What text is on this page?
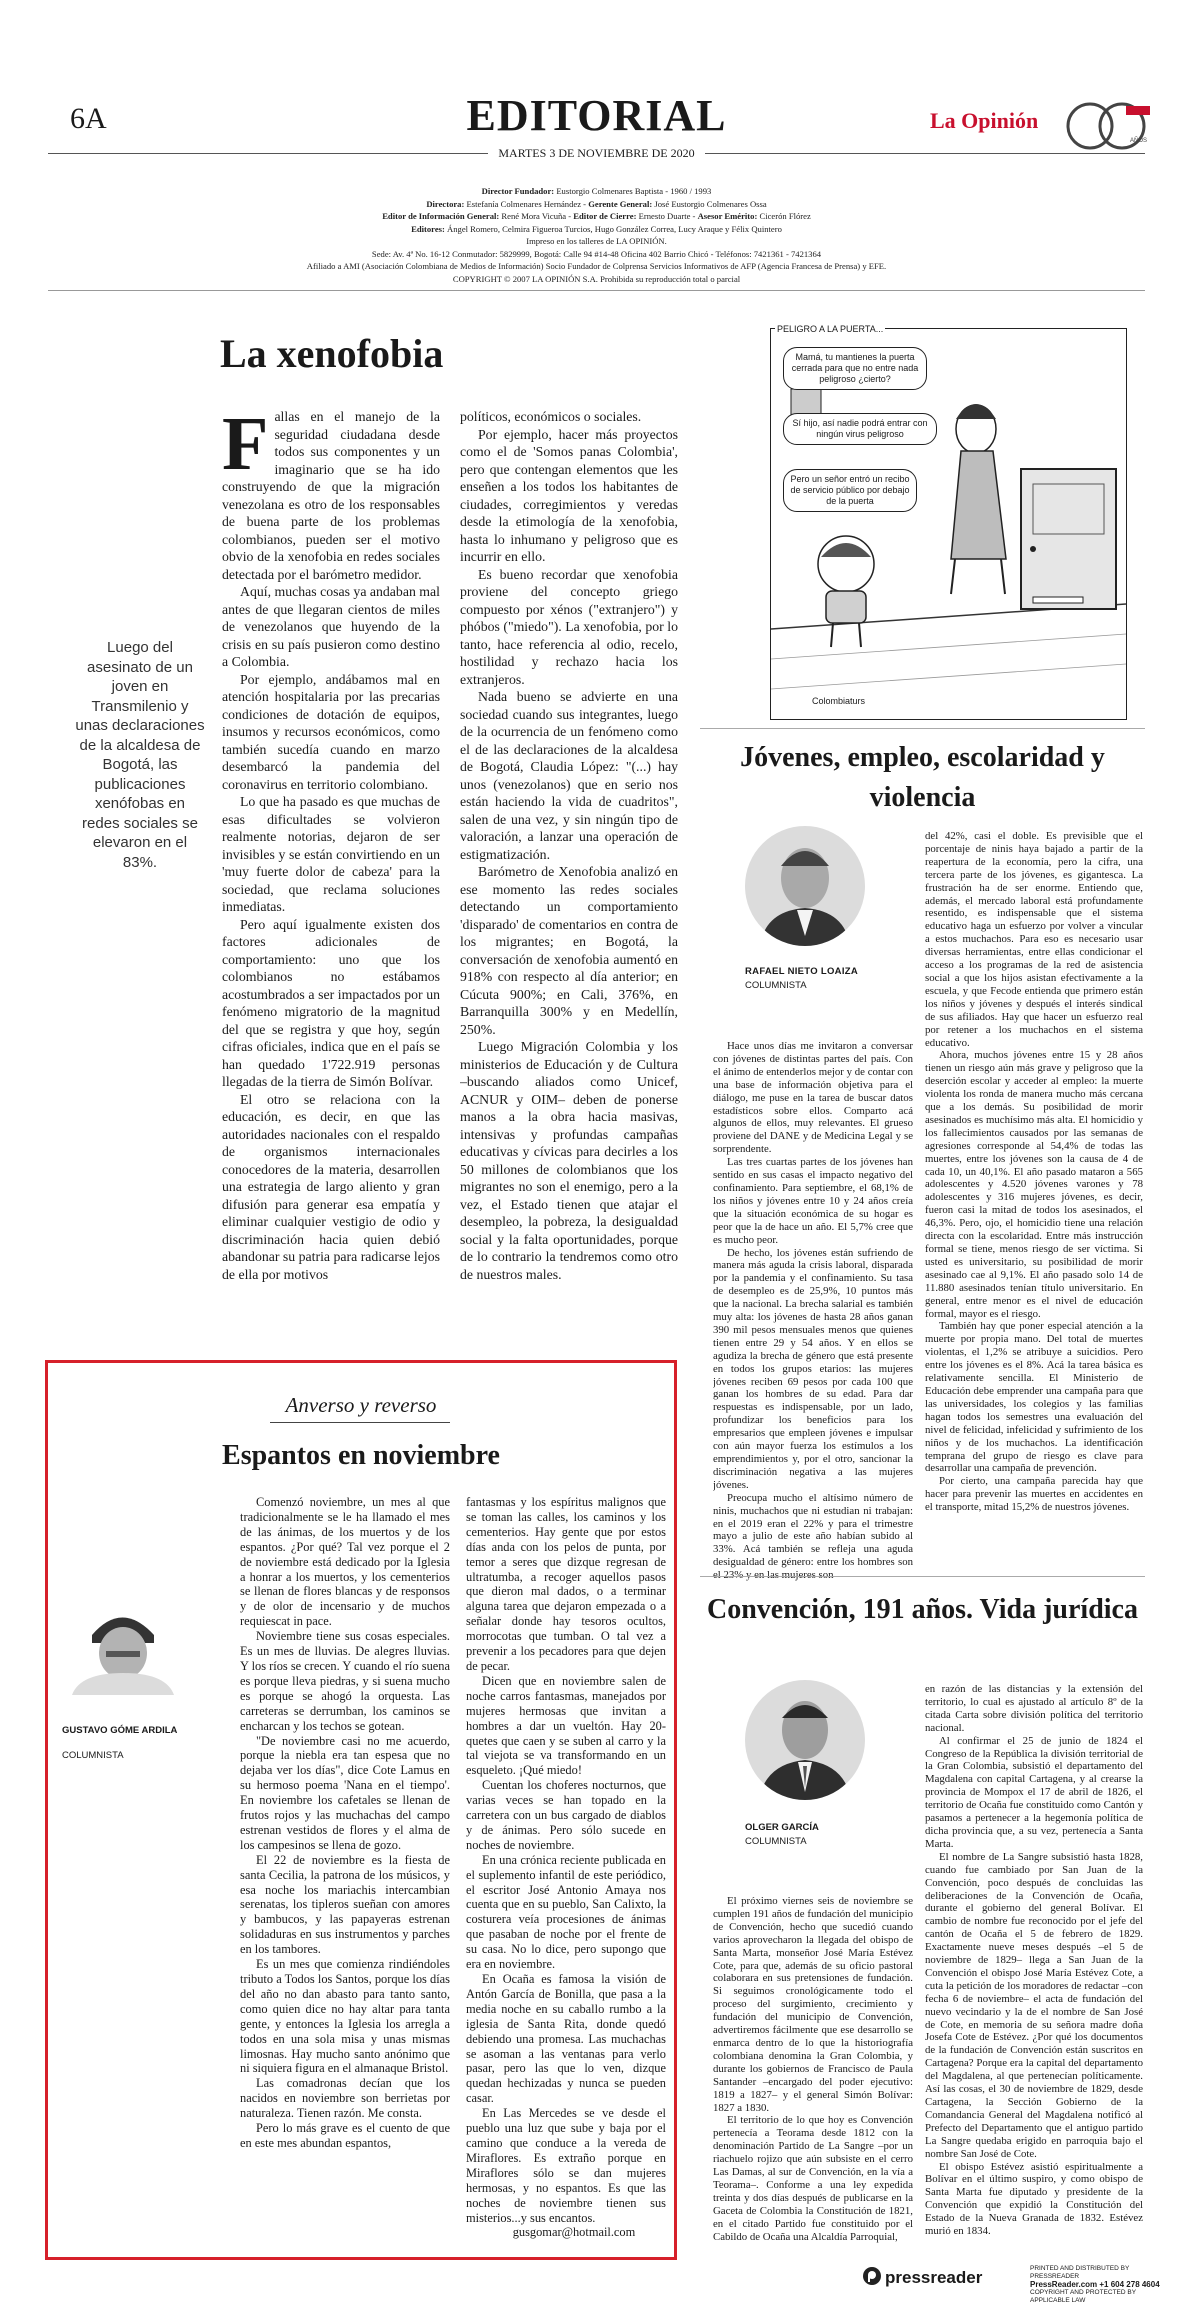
6A	EDITORIAL
MARTES 3 DE NOVIEMBRE DE 2020
AÑOS
La Opinión
Director Fundador: Eustorgio Colmenares Baptista - 1960 / 1993
Directora: Estefanía Colmenares Hernández - Gerente General: José Eustorgio Colmenares Ossa
Editor de Información General: René Mora Vicuña - Editor de Cierre: Ernesto Duarte - Asesor Emérito: Cicerón Flórez
Editores: Ángel Romero, Celmira Figueroa Turcios, Hugo González Correa, Lucy Araque y Félix Quintero
Impreso en los talleres de LA OPINIÓN.
Sede: Av. 4ª No. 16-12 Conmutador: 5829999, Bogotá: Calle 94 #14-48 Oficina 402 Barrio Chicó - Teléfonos: 7421361 - 7421364
Afiliado a AMI (Asociación Colombiana de Medios de Información) Socio Fundador de Colprensa Servicios Informativos de AFP (Agencia Francesa de Prensa) y EFE.
COPYRIGHT © 2007 LA OPINIÓN S.A. Prohibida su reproducción total o parcial
La xenofobia
Luego del asesinato de un joven en Transmilenio y unas declaraciones de la alcaldesa de Bogotá, las publicaciones xenófobas en redes sociales se elevaron en el 83%.

Fallas en el manejo de la seguridad ciudadana desde todos sus componentes y un imaginario que se ha ido construyendo de que la migración venezolana es otro de los responsables de buena parte de los problemas colombianos, pueden ser el motivo obvio de la xenofobia en redes sociales detectada por el barómetro medidor.

Aquí, muchas cosas ya andaban mal antes de que llegaran cientos de miles de venezolanos que huyendo de la crisis en su país pusieron como destino a Colombia.

Por ejemplo, andábamos mal en atención hospitalaria por las precarias condiciones de dotación de equipos, insumos y recursos económicos, como también sucedía cuando en marzo desembarcó la pandemia del coronavirus en territorio colombiano.

Lo que ha pasado es que muchas de esas dificultades se volvieron realmente notorias, dejaron de ser invisibles y se están convirtiendo en un 'muy fuerte dolor de cabeza' para la sociedad, que reclama soluciones inmediatas.

Pero aquí igualmente existen dos factores adicionales de comportamiento: uno que los colombianos no estábamos acostumbrados a ser impactados por un fenómeno migratorio de la magnitud del que se registra y que hoy, según cifras oficiales, indica que en el país se han quedado 1'722.919 personas llegadas de la tierra de Simón Bolívar.

El otro se relaciona con la educación, es decir, en que las autoridades nacionales con el respaldo de organismos internacionales conocedores de la materia, desarrollen una estrategia de largo aliento y gran difusión para generar esa empatía y eliminar cualquier vestigio de odio y discriminación hacia quien debió abandonar su patria para radicarse lejos de ella por motivos

políticos, económicos o sociales.

Por ejemplo, hacer más proyectos como el de 'Somos panas Colombia', pero que contengan elementos que les enseñen a los todos los habitantes de ciudades, corregimientos y veredas desde la etimología de la xenofobia, hasta lo inhumano y peligroso que es incurrir en ello.

Es bueno recordar que xenofobia proviene del concepto griego compuesto por xénos ("extranjero") y phóbos ("miedo"). La xenofobia, por lo tanto, hace referencia al odio, recelo, hostilidad y rechazo hacia los extranjeros.

Nada bueno se advierte en una sociedad cuando sus integrantes, luego de la ocurrencia de un fenómeno como el de las declaraciones de la alcaldesa de Bogotá, Claudia López: "(...) hay unos (venezolanos) que en serio nos están haciendo la vida de cuadritos", salen de una vez, y sin ningún tipo de valoración, a lanzar una operación de estigmatización.

Barómetro de Xenofobia analizó en ese momento las redes sociales detectando un comportamiento 'disparado' de comentarios en contra de los migrantes; en Bogotá, la conversación de xenofobia aumentó en 918% con respecto al día anterior; en Cúcuta 900%; en Cali, 376%, en Barranquilla 300% y en Medellín, 250%.

Luego Migración Colombia y los ministerios de Educación y de Cultura –buscando aliados como Unicef, ACNUR y OIM– deben de ponerse manos a la obra hacia masivas, intensivas y profundas campañas educativas y cívicas para decirles a los 50 millones de colombianos que los migrantes no son el enemigo, pero a la vez, el Estado tienen que atajar el desempleo, la pobreza, la desigualdad social y la falta oportunidades, porque de lo contrario la tendremos como otro de nuestros males.

Mamá, tu mantienes la puerta cerrada para que no entre nada peligroso ¿cierto?
Sí hijo, así nadie podrá entrar con ningún virus peligroso
Pero un señor entró un recibo de servicio público por debajo de la puerta
PELIGRO A LA PUERTA...
Colombiaturs
Jóvenes, empleo, escolaridad y violencia
RAFAEL NIETO LOAIZA
COLUMNISTA

Hace unos días me invitaron a conversar con jóvenes de distintas partes del país. Con el ánimo de entenderlos mejor y de contar con una base de información objetiva para el diálogo, me puse en la tarea de buscar datos estadísticos sobre ellos. Comparto acá algunos de ellos, muy relevantes. El grueso proviene del DANE y de Medicina Legal y se sorprendente.

Las tres cuartas partes de los jóvenes han sentido en sus casas el impacto negativo del confinamiento. Para septiembre, el 68,1% de los niños y jóvenes entre 10 y 24 años creía que la situación económica de su hogar es peor que la de hace un año. El 5,7% cree que es mucho peor.

De hecho, los jóvenes están sufriendo de manera más aguda la crisis laboral, disparada por la pandemia y el confinamiento. Su tasa de desempleo es de 25,9%, 10 puntos más que la nacional. La brecha salarial es también muy alta: los jóvenes de hasta 28 años ganan 390 mil pesos mensuales menos que quienes tienen entre 29 y 54 años. Y en ellos se agudiza la brecha de género que está presente en todos los grupos etarios: las mujeres jóvenes reciben 69 pesos por cada 100 que ganan los hombres de su edad. Para dar respuestas es indispensable, por un lado, profundizar los beneficios para los empresarios que empleen jóvenes e impulsar con aún mayor fuerza los estímulos a los emprendimientos y, por el otro, sancionar la discriminación negativa a las mujeres jóvenes.

Preocupa mucho el altísimo número de ninis, muchachos que ni estudian ni trabajan: en el 2019 eran el 22% y para el trimestre mayo a julio de este año habían subido al 33%. Acá también se refleja una aguda desigualdad de género: entre los hombres son el 23% y en las mujeres son

del 42%, casi el doble. Es previsible que el porcentaje de ninis haya bajado a partir de la reapertura de la economía, pero la cifra, una tercera parte de los jóvenes, es gigantesca. La frustración ha de ser enorme. Entiendo que, además, el mercado laboral está profundamente resentido, es indispensable que el sistema educativo haga un esfuerzo por volver a vincular a estos muchachos. Para eso es necesario usar diversas herramientas, entre ellas condicionar el acceso a los programas de la red de asistencia social a que los hijos asistan efectivamente a la escuela, y que Fecode entienda que primero están los niños y jóvenes y después el interés sindical de sus afiliados. Hay que hacer un esfuerzo real por retener a los muchachos en el sistema educativo.

Ahora, muchos jóvenes entre 15 y 28 años tienen un riesgo aún más grave y peligroso que la deserción escolar y acceder al empleo: la muerte violenta los ronda de manera mucho más cercana que a los demás. Su posibilidad de morir asesinados es muchísimo más alta. El homicidio y los fallecimientos causados por las semanas de agresiones corresponde al 54,4% de todas las muertes, entre los jóvenes son la causa de 4 de cada 10, un 40,1%. El año pasado mataron a 565 adolescentes y 4.520 jóvenes varones y 78 adolescentes y 316 mujeres jóvenes, es decir, fueron casi la mitad de todos los asesinados, el 46,3%. Pero, ojo, el homicidio tiene una relación directa con la escolaridad. Entre más instrucción formal se tiene, menos riesgo de ser víctima. Si usted es universitario, su posibilidad de morir asesinado cae al 9,1%. El año pasado solo 14 de 11.880 asesinados tenían título universitario. En general, entre menor es el nivel de educación formal, mayor es el riesgo.

También hay que poner especial atención a la muerte por propia mano. Del total de muertes violentas, el 1,2% se atribuye a suicidios. Pero entre los jóvenes es el 8%. Acá la tarea básica es relativamente sencilla. El Ministerio de Educación debe emprender una campaña para que las universidades, los colegios y las familias hagan todos los semestres una evaluación del nivel de felicidad, infelicidad y sufrimiento de los niños y de los muchachos. La identificación temprana del grupo de riesgo es clave para desarrollar una campaña de prevención.

Por cierto, una campaña parecida hay que hacer para prevenir las muertes en accidentes en el transporte, mitad 15,2% de nuestros jóvenes.

Convención, 191 años. Vida jurídica
OLGER GARCÍA
COLUMNISTA

El próximo viernes seis de noviembre se cumplen 191 años de fundación del municipio de Convención, hecho que sucedió cuando varios aprovecharon la llegada del obispo de Santa Marta, monseñor José María Estévez Cote, para que, además de su oficio pastoral colaborara en sus pretensiones de fundación. Si seguimos cronológicamente todo el proceso del surgimiento, crecimiento y fundación del municipio de Convención, advertiremos fácilmente que ese desarrollo se enmarca dentro de lo que la historiografía colombiana denomina la Gran Colombia, y durante los gobiernos de Francisco de Paula Santander –encargado del poder ejecutivo: 1819 a 1827– y el general Simón Bolívar: 1827 a 1830.

El territorio de lo que hoy es Convención pertenecía a Teorama desde 1812 con la denominación Partido de La Sangre –por un riachuelo rojizo que aún subsiste en el cerro Las Damas, al sur de Convención, en la vía a Teorama–. Conforme a una ley expedida treinta y dos días después de publicarse en la Gaceta de Colombia la Constitución de 1821, en el citado Partido fue constituido por el Cabildo de Ocaña una Alcaldía Parroquial,

en razón de las distancias y la extensión del territorio, lo cual es ajustado al artículo 8º de la citada Carta sobre división política del territorio nacional.

Al confirmar el 25 de junio de 1824 el Congreso de la República la división territorial de la Gran Colombia, subsistió el departamento del Magdalena con capital Cartagena, y al crearse la provincia de Mompox el 17 de abril de 1826, el territorio de Ocaña fue constituido como Cantón y pasamos a pertenecer a la hegemonía política de dicha provincia que, a su vez, pertenecía a Santa Marta.

El nombre de La Sangre subsistió hasta 1828, cuando fue cambiado por San Juan de la Convención, poco después de concluidas las deliberaciones de la Convención de Ocaña, durante el gobierno del general Bolívar. El cambio de nombre fue reconocido por el jefe del cantón de Ocaña el 5 de febrero de 1829. Exactamente nueve meses después –el 5 de noviembre de 1829– llega a San Juan de la Convención el obispo José María Estévez Cote, a cuta la petición de los moradores de redactar –con fecha 6 de noviembre– el acta de fundación del nuevo vecindario y la de el nombre de San José de Cote, en memoria de su señora madre doña Josefa Cote de Estévez. ¿Por qué los documentos de la fundación de Convención están suscritos en Cartagena? Porque era la capital del departamento del Magdalena, al que pertenecían políticamente. Así las cosas, el 30 de noviembre de 1829, desde Cartagena, la Sección Gobierno de la Comandancia General del Magdalena notificó al Prefecto del Departamento que el antiguo partido La Sangre quedaba erigido en parroquia bajo el nombre San José de Cote.

El obispo Estévez asistió espiritualmente a Bolívar en el último suspiro, y como obispo de Santa Marta fue diputado y presidente de la Convención que expidió la Constitución del Estado de la Nueva Granada de 1832. Estévez murió en 1834.

Anverso y reverso
Espantos en noviembre
GUSTAVO GÓME ARDILA
COLUMNISTA

Comenzó noviembre, un mes al que tradicionalmente se le ha llamado el mes de las ánimas, de los muertos y de los espantos. ¿Por qué? Tal vez porque el 2 de noviembre está dedicado por la Iglesia a honrar a los muertos, y los cementerios se llenan de flores blancas y de responsos y de olor de incensario y de muchos requiescat in pace.

Noviembre tiene sus cosas especiales. Es un mes de lluvias. De alegres lluvias. Y los ríos se crecen. Y cuando el río suena es porque lleva piedras, y si suena mucho es porque se ahogó la orquesta. Las carreteras se derrumban, los caminos se encharcan y los techos se gotean.

"De noviembre casi no me acuerdo, porque la niebla era tan espesa que no dejaba ver los días", dice Cote Lamus en su hermoso poema 'Nana en el tiempo'. En noviembre los cafetales se llenan de frutos rojos y las muchachas del campo estrenan vestidos de flores y el alma de los campesinos se llena de gozo.

El 22 de noviembre es la fiesta de santa Cecilia, la patrona de los músicos, y esa noche los mariachis intercambian serenatas, los tiplеros sueñan con amores y bambucos, y las papayeras estrenan solidaduras en sus instrumentos y parches en los tambores.

Es un mes que comienza rindiéndoles tributo a Todos los Santos, porque los días del año no dan abasto para tanto santo, como quien dice no hay altar para tanta gente, y entonces la Iglesia los arregla a todos en una sola misa y unas mismas limosnas. Hay mucho santo anónimo que ni siquiera figura en el almanaque Bristol.

Las comadronas decían que los nacidos en noviembre son berrietas por naturaleza. Tienen razón. Me consta.

Pero lo más grave es el cuento de que en este mes abundan espantos,

fantasmas y los espíritus malignos que se toman las calles, los caminos y los cementerios. Hay gente que por estos días anda con los pelos de punta, por temor a seres que dizque regresan de ultratumba, a recoger aquellos pasos que dieron mal dados, o a terminar alguna tarea que dejaron empezada o a señalar donde hay tesoros ocultos, morrocotas que tumban. O tal vez a prevenir a los pecadores para que dejen de pecar.

Dicen que en noviembre salen de noche carros fantasmas, manejados por mujeres hermosas que invitan a hombres a dar un vueltón. Hay 20-quetes que caen y se suben al carro y la tal viejota se va transformando en un esqueleto. ¡Qué miedo!

Cuentan los choferes nocturnos, que varias veces se han topado en la carretera con un bus cargado de diablos y de ánimas. Pero sólo sucede en noches de noviembre.

En una crónica reciente publicada en el suplemento infantil de este periódico, el escritor José Antonio Amaya nos cuenta que en su pueblo, San Calixto, la costurera veía procesiones de ánimas que pasaban de noche por el frente de su casa. No lo dice, pero supongo que era en noviembre.

En Ocaña es famosa la visión de Antón García de Bonilla, que pasa a la media noche en su caballo rumbo a la iglesia de Santa Rita, donde quedó debiendo una promesa. Las muchachas se asoman a las ventanas para verlo pasar, pero las que lo ven, dizque quedan hechizadas y nunca se pueden casar.

En Las Mercedes se ve desde el pueblo una luz que sube y baja por el camino que conduce a la vereda de Miraflores. Es extraño porque en Miraflores sólo se dan mujeres hermosas, y no espantos. Es que las noches de noviembre tienen sus misterios...y sus encantos.

gusgomar@hotmail.com

pressreader	PRINTED AND DISTRIBUTED BY PRESSREADER
PressReader.com +1 604 278 4604
COPYRIGHT AND PROTECTED BY APPLICABLE LAW
